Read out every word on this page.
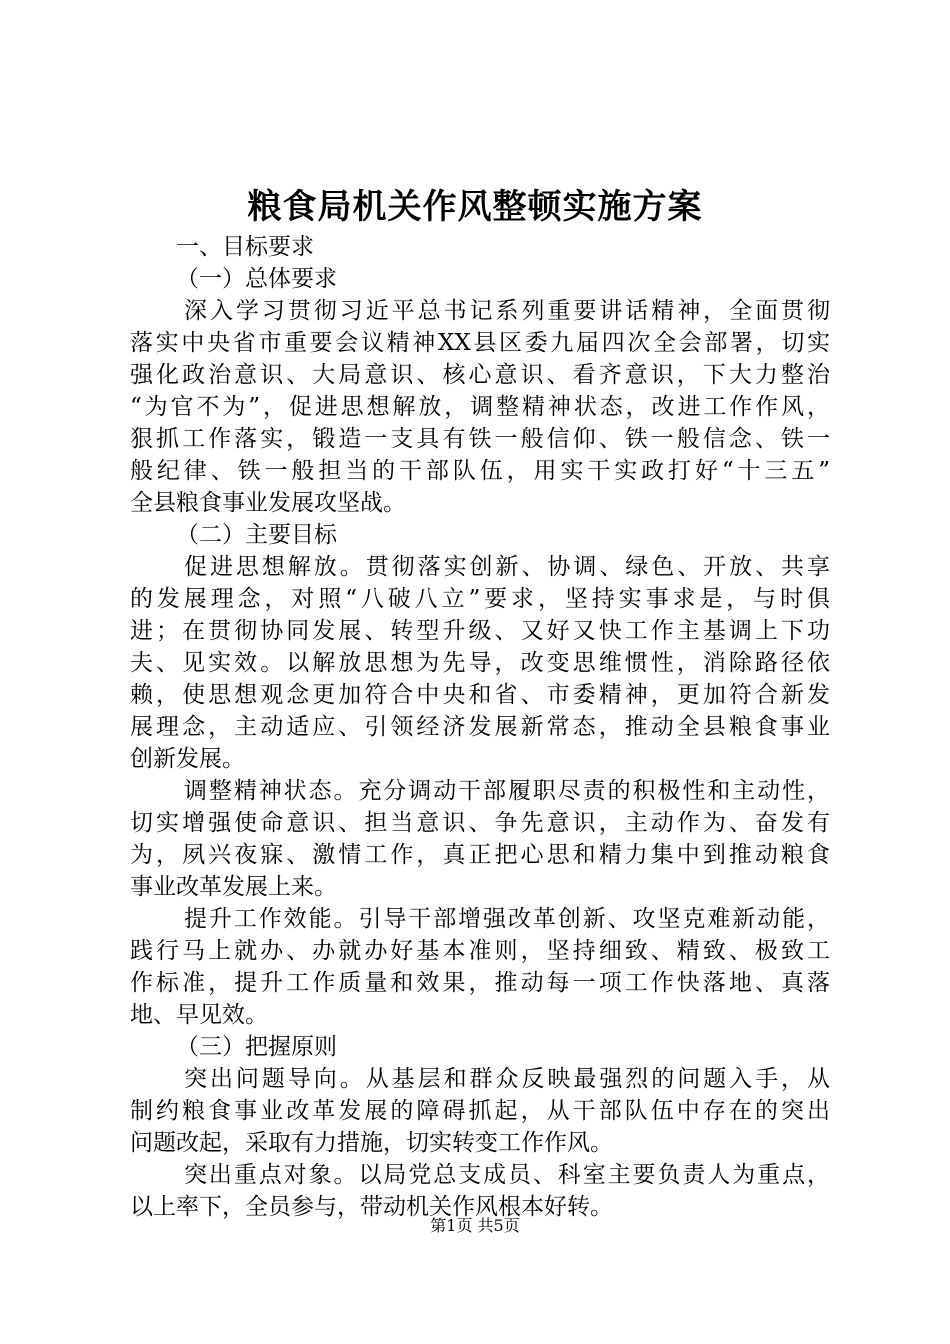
粮食局机关作风整顿实施方案

一、目标要求

（一）总体要求

深入学习贯彻习近平总书记系列重要讲话精神，全面贯彻

落实中央省市重要会议精神XX县区委九届四次全会部署，切实

强化政治意识、大局意识、核心意识、看齐意识，下大力整治

“为官不为”，促进思想解放，调整精神状态，改进工作作风，

狠抓工作落实，锻造一支具有铁一般信仰、铁一般信念、铁一

般纪律、铁一般担当的干部队伍，用实干实政打好“十三五”

全县粮食事业发展攻坚战。

（二）主要目标

促进思想解放。贯彻落实创新、协调、绿色、开放、共享

的发展理念，对照“八破八立”要求，坚持实事求是，与时俱

进；在贯彻协同发展、转型升级、又好又快工作主基调上下功

夫、见实效。以解放思想为先导，改变思维惯性，消除路径依

赖，使思想观念更加符合中央和省、市委精神，更加符合新发

展理念，主动适应、引领经济发展新常态，推动全县粮食事业

创新发展。

调整精神状态。充分调动干部履职尽责的积极性和主动性，

切实增强使命意识、担当意识、争先意识，主动作为、奋发有

为，夙兴夜寐、激情工作，真正把心思和精力集中到推动粮食

事业改革发展上来。

提升工作效能。引导干部增强改革创新、攻坚克难新动能，

践行马上就办、办就办好基本准则，坚持细致、精致、极致工

作标准，提升工作质量和效果，推动每一项工作快落地、真落

地、早见效。

（三）把握原则

突出问题导向。从基层和群众反映最强烈的问题入手，从

制约粮食事业改革发展的障碍抓起，从干部队伍中存在的突出

问题改起，采取有力措施，切实转变工作作风。

突出重点对象。以局党总支成员、科室主要负责人为重点，

以上率下，全员参与，带动机关作风根本好转。

第1页 共5页
